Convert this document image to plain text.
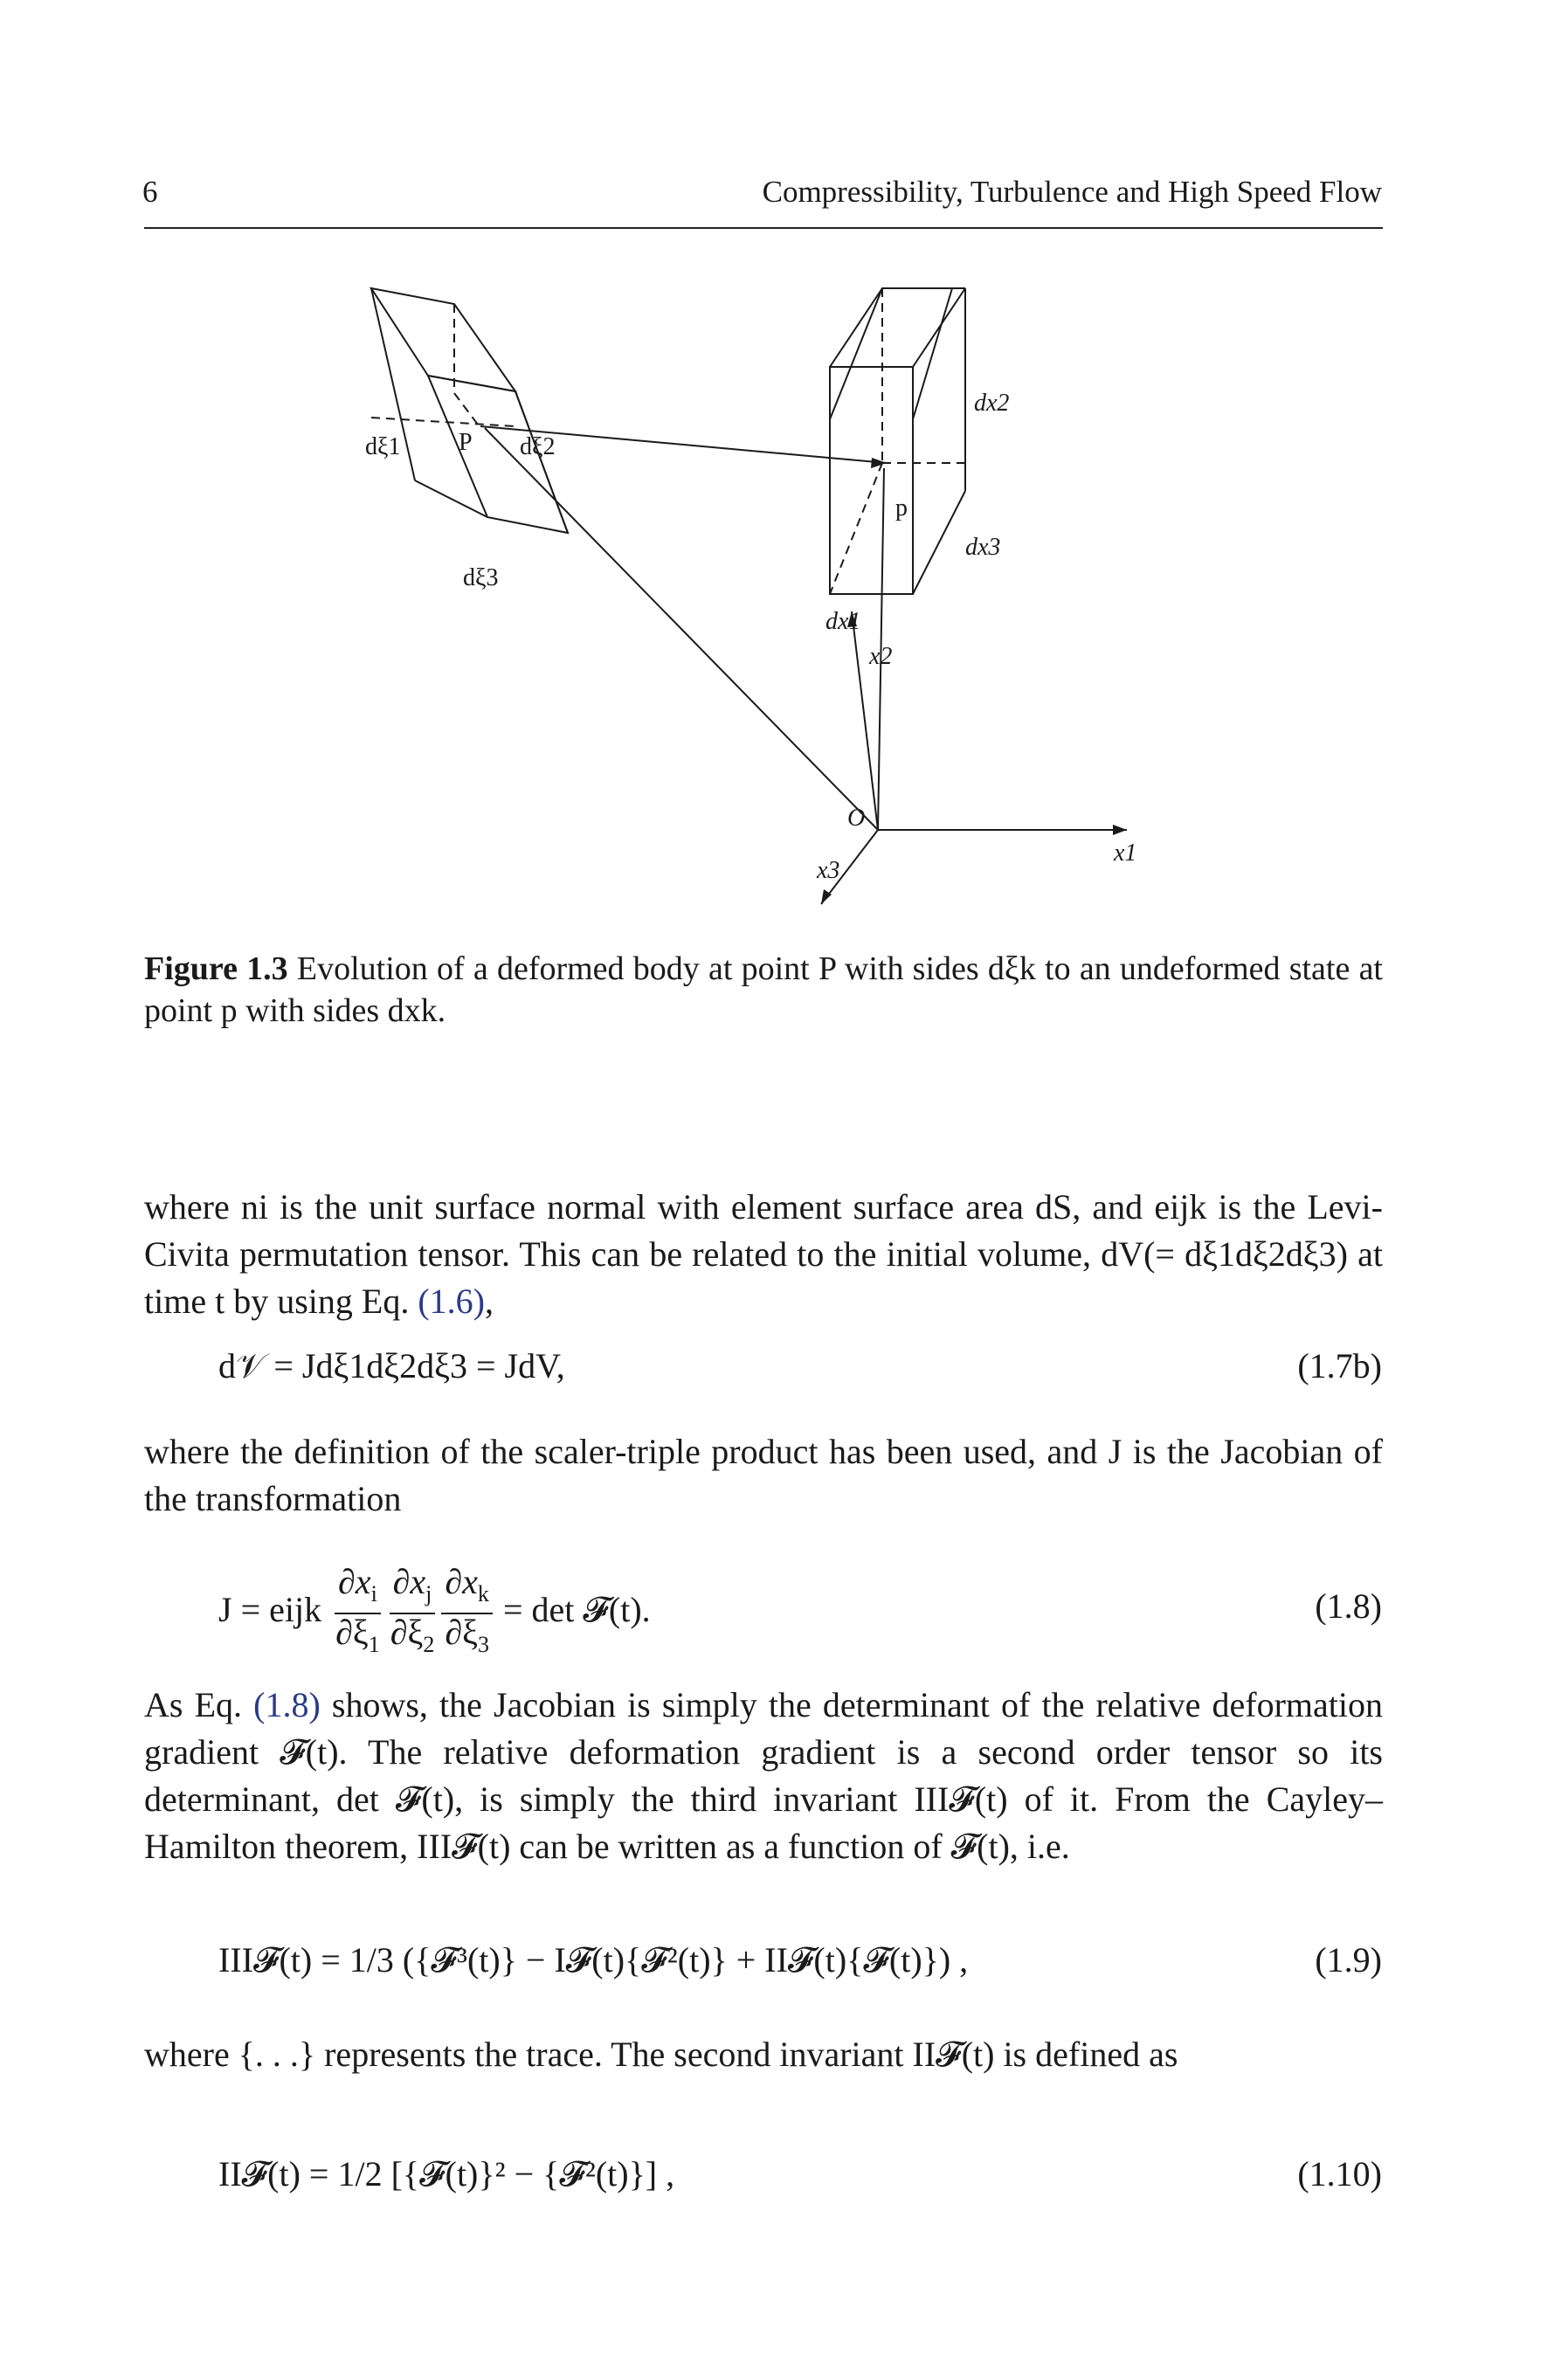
6	Compressibility, Turbulence and High Speed Flow
dξ1	dξ2
dξ3
P
p
dx1
dx2
dx3
x1
x2
x3
O
Figure 1.3 Evolution of a deformed body at point P with sides dξk to an undeformed state at point p with sides dxk.
where ni is the unit surface normal with element surface area dS, and eijk is the Levi-Civita permutation tensor. This can be related to the initial volume, dV(= dξ1dξ2dξ3) at time t by using Eq. (1.6),
d𝒱 = Jdξ1dξ2dξ3 = JdV,	(1.7b)
where the definition of the scaler-triple product has been used, and J is the Jacobian of the transformation
J = eijk $\frac{\partial x_i}{\partial\xi_1} \frac{\partial x_j}{\partial\xi_2} \frac{\partial x_k}{\partial\xi_3} = \det$ 𝓕(t).	(1.8)
As Eq. (1.8) shows, the Jacobian is simply the determinant of the relative deformation gradient 𝓕(t). The relative deformation gradient is a second order tensor so its determinant, det 𝓕(t), is simply the third invariant III𝓕(t) of it. From the Cayley–Hamilton theorem, III𝓕(t) can be written as a function of 𝓕(t), i.e.
III𝓕(t) = 1/3 ({𝓕³(t)} − I𝓕(t){𝓕²(t)} + II𝓕(t){𝓕(t)}) ,	(1.9)
where {. . .} represents the trace. The second invariant II𝓕(t) is defined as
II𝓕(t) = 1/2 [{𝓕(t)}² − {𝓕²(t)}] ,	(1.10)
